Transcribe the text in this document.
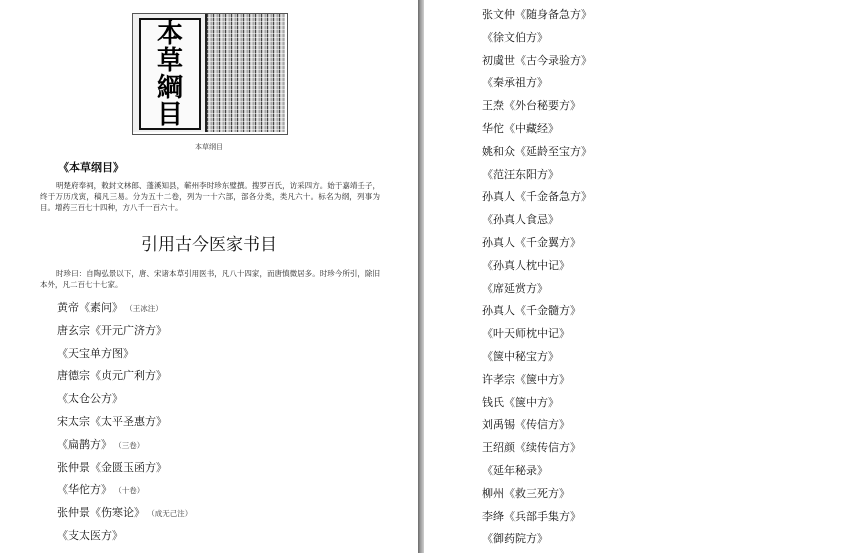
本
草
綱
目
本草纲目
《本草纲目》

明楚府奉祠，敕封文林郎、蓬溪知县，蕲州李时珍东璧撰。搜罗百氏，访采四方。始于嘉靖壬子，终于万历戊寅，稿凡三易。分为五十二卷，列为一十六部，部各分类，类凡六十。标名为纲，列事为目。增药三百七十四种，方八千一百六十。

引用古今医家书目

时珍曰：自陶弘景以下，唐、宋诸本草引用医书，凡八十四家，而唐慎微居多。时珍今所引，除旧本外，凡二百七十七家。

黄帝《素问》 （王冰注）
唐玄宗《开元广济方》
《天宝单方图》
唐德宗《贞元广利方》
《太仓公方》
宋太宗《太平圣惠方》
《扁鹊方》 （三卷）
张仲景《金匮玉函方》
《华佗方》 （十卷）
张仲景《伤寒论》 （成无己注）
《支太医方》
张文仲《随身备急方》
《徐文伯方》
初虞世《古今录验方》
《秦承祖方》
王焘《外台秘要方》
华佗《中藏经》
姚和众《延龄至宝方》
《范汪东阳方》
孙真人《千金备急方》
《孙真人食忌》
孙真人《千金翼方》
《孙真人枕中记》
《席延赏方》
孙真人《千金髓方》
《叶天师枕中记》
《箧中秘宝方》
许孝宗《箧中方》
钱氏《箧中方》
刘禹锡《传信方》
王绍颜《续传信方》
《延年秘录》
柳州《救三死方》
李绛《兵部手集方》
《御药院方》
